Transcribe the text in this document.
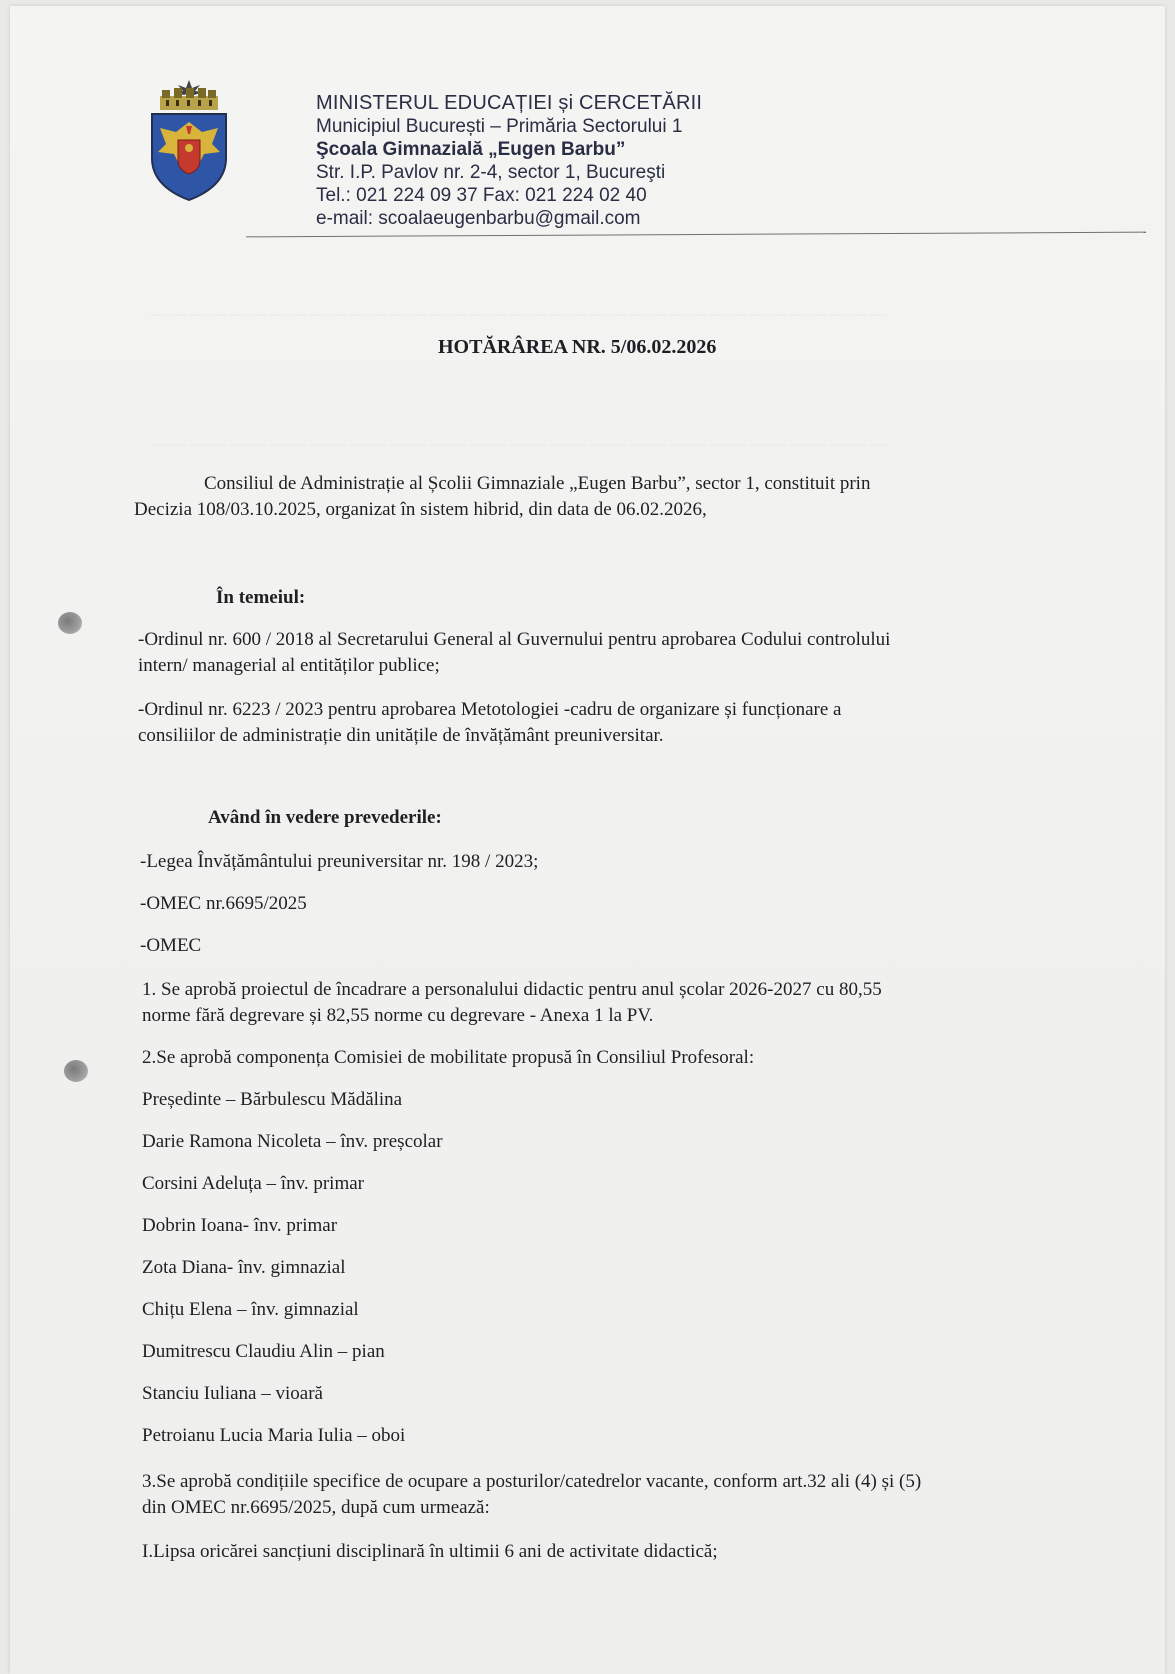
MINISTERUL EDUCAȚIEI și CERCETĂRII
Municipiul București – Primăria Sectorului 1
Şcoala Gimnazială „Eugen Barbu”
Str. I.P. Pavlov nr. 2-4, sector 1, Bucureşti
Tel.: 021 224 09 37 Fax: 021 224 02 40
e-mail: scoalaeugenbarbu@gmail.com
— — — — — — — — — — — — — — — — — — — — — — — — — — — — — — — — — — — — —
— — — — — — — — — — — — — — — — — — — — — — — — — — — — — — — — — — — — —
HOTĂRÂREA NR. 5/06.02.2026
Consiliul de Administrație al Școlii Gimnaziale „Eugen Barbu”, sector 1, constituit prin
Decizia 108/03.10.2025, organizat în sistem hibrid, din data de 06.02.2026,
În temeiul:
-Ordinul nr. 600 / 2018 al Secretarului General al Guvernului pentru aprobarea Codului controlului
intern/ managerial al entităților publice;
-Ordinul nr. 6223 / 2023 pentru aprobarea Metotologiei -cadru de organizare și funcționare a
consiliilor de administrație din unitățile de învățământ preuniversitar.
Având în vedere prevederile:
-Legea Învățământului preuniversitar nr. 198 / 2023;
-OMEC nr.6695/2025
-OMEC
1. Se aprobă proiectul de încadrare a personalului didactic pentru anul școlar 2026-2027 cu 80,55
norme fără degrevare și 82,55 norme cu degrevare - Anexa 1 la PV.
2.Se aprobă componența Comisiei de mobilitate propusă în Consiliul Profesoral:
Președinte – Bărbulescu Mădălina
Darie Ramona Nicoleta – înv. preșcolar
Corsini Adeluța – înv. primar
Dobrin Ioana- înv. primar
Zota Diana- înv. gimnazial
Chițu Elena – înv. gimnazial
Dumitrescu Claudiu Alin – pian
Stanciu Iuliana – vioară
Petroianu Lucia Maria Iulia – oboi
3.Se aprobă condițiile specifice de ocupare a posturilor/catedrelor vacante, conform art.32 ali (4) și (5)
din OMEC nr.6695/2025, după cum urmează:
I.Lipsa oricărei sancțiuni disciplinară în ultimii 6 ani de activitate didactică;
